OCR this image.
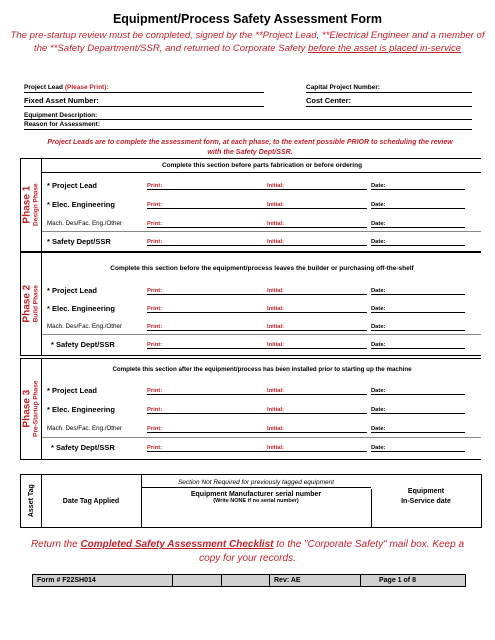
Equipment/Process Safety Assessment Form
The pre-startup review must be completed, signed by the **Project Lead, **Electrical Engineer and a member of the **Safety Department/SSR, and returned to Corporate Safety before the asset is placed in-service
Project Lead (Please Print):	Capital Project Number:
Fixed Asset Number:	Cost Center:
Equipment Description:
Reason for Assessment:
Project Leads are to complete the assessment form, at each phase, to the extent possible PRIOR to scheduling the review with the Safety Dept/SSR.
Phase 1 Design Phase
Complete this section before parts fabrication or before ordering
* Project Lead	Print:	Initial:	Date:
* Elec. Engineering	Print:	Initial:	Date:
Mach. Des/Fac. Eng./Other	Print:	Initial:	Date:
* Safety Dept/SSR	Print:	Initial:	Date:
Phase 2 Build Phase
Complete this section before the equipment/process leaves the builder or purchasing off-the-shelf
* Project Lead	Print:	Initial:	Date:
* Elec. Engineering	Print:	Initial:	Date:
Mach. Des/Fac. Eng./Other	Print:	Initial:	Date:
* Safety Dept/SSR	Print:	Initial:	Date:
Phase 3 Pre-Startup Phase
Complete this section after the equipment/process has been installed prior to starting up the machine
* Project Lead	Print:	Initial:	Date:
* Elec. Engineering	Print:	Initial:	Date:
Mach. Des/Fac. Eng./Other	Print:	Initial:	Date:
* Safety Dept/SSR	Print:	Initial:	Date:
Asset Tag
Section Not Required for previously tagged equipment
Date Tag Applied
Equipment Manufacturer serial number
(Write NONE if no serial number)
Equipment
In-Service date
Return the Completed Safety Assessment Checklist to the "Corporate Safety" mail box. Keep a copy for your records.
Form # F22SH014	Rev: AE	Page 1 of 8
